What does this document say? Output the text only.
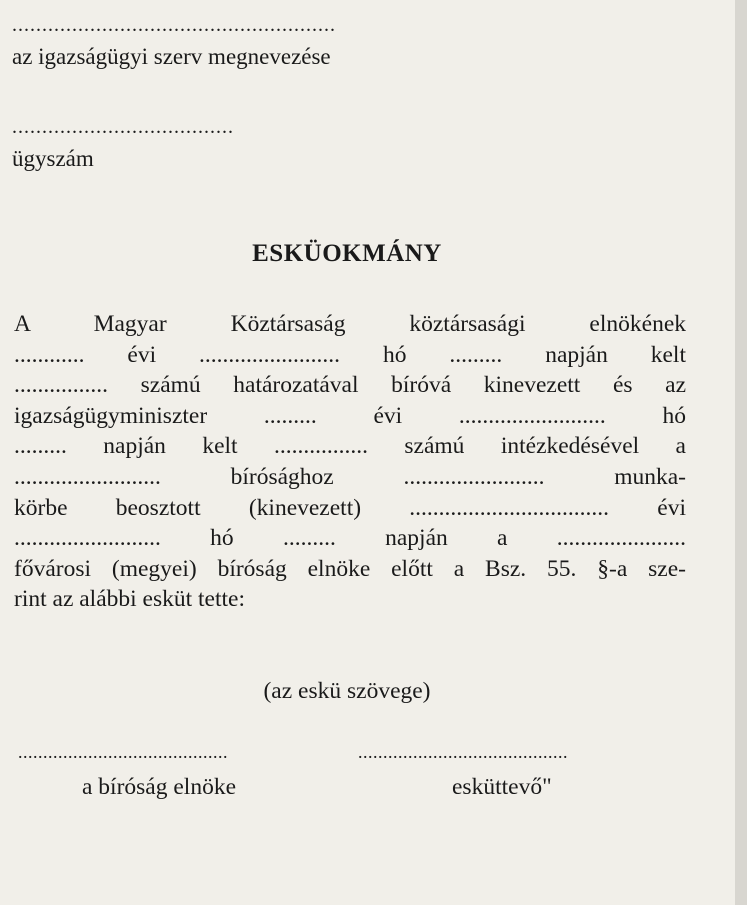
......................................................
az igazságügyi szerv megnevezése
.....................................
ügyszám
ESKÜOKMÁNY
A Magyar Köztársaság köztársasági elnökének
............ évi ........................ hó ......... napján kelt
................ számú határozatával bíróvá kinevezett és az
igazságügyminiszter ......... évi ......................... hó
......... napján kelt ................ számú intézkedésével a
......................... bírósághoz ........................ munka-
körbe beosztott (kinevezett) .................................. évi
......................... hó ......... napján a ......................
fővárosi (megyei) bíróság elnöke előtt a Bsz. 55. §-a sze-
rint az alábbi esküt tette:
(az eskü szövege)
..........................................	..........................................
a bíróság elnöke	esküttevő"
